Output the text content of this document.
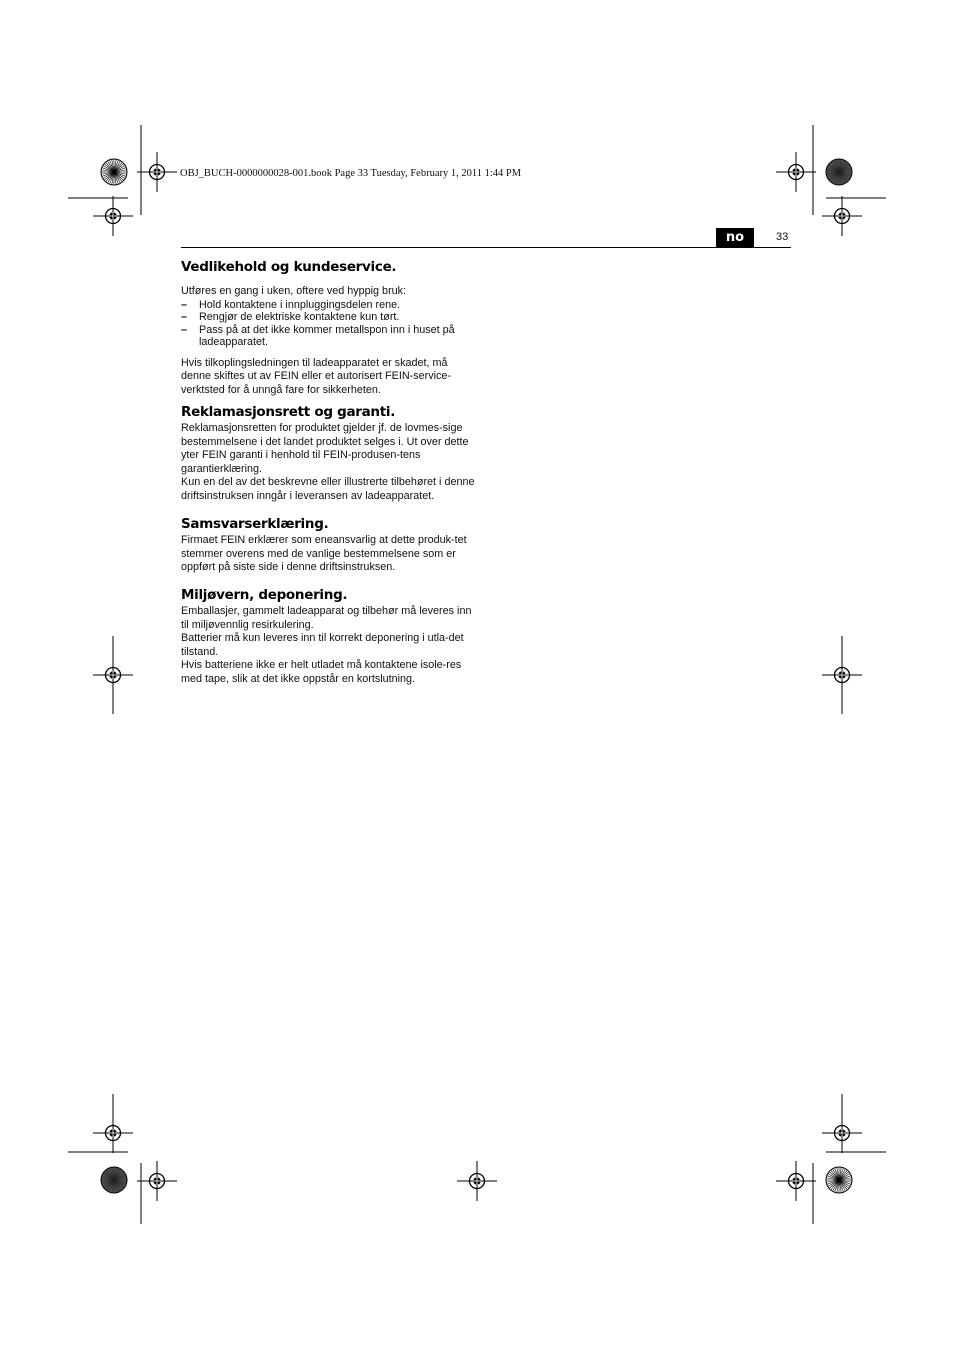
OBJ_BUCH-0000000028-001.book Page 33 Tuesday, February 1, 2011 1:44 PM
no	33
Vedlikehold og kundeservice.

Utføres en gang i uken, oftere ved hyppig bruk:

– Hold kontaktene i innpluggingsdelen rene.
– Rengjør de elektriske kontaktene kun tørt.
– Pass på at det ikke kommer metallspon inn i huset på ladeapparatet.

Hvis tilkoplingsledningen til ladeapparatet er skadet, må denne skiftes ut av FEIN eller et autorisert FEIN-service-verktsted for å unngå fare for sikkerheten.

Reklamasjonsrett og garanti.

Reklamasjonsretten for produktet gjelder jf. de lovmes-sige bestemmelsene i det landet produktet selges i. Ut over dette yter FEIN garanti i henhold til FEIN-produsen-tens garantierklæring.

Kun en del av det beskrevne eller illustrerte tilbehøret i denne driftsinstruksen inngår i leveransen av ladeapparatet.

Samsvarserklæring.

Firmaet FEIN erklærer som eneansvarlig at dette produk-tet stemmer overens med de vanlige bestemmelsene som er oppført på siste side i denne driftsinstruksen.

Miljøvern, deponering.

Emballasjer, gammelt ladeapparat og tilbehør må leveres inn til miljøvennlig resirkulering.

Batterier må kun leveres inn til korrekt deponering i utla-det tilstand.

Hvis batteriene ikke er helt utladet må kontaktene isole-res med tape, slik at det ikke oppstår en kortslutning.
